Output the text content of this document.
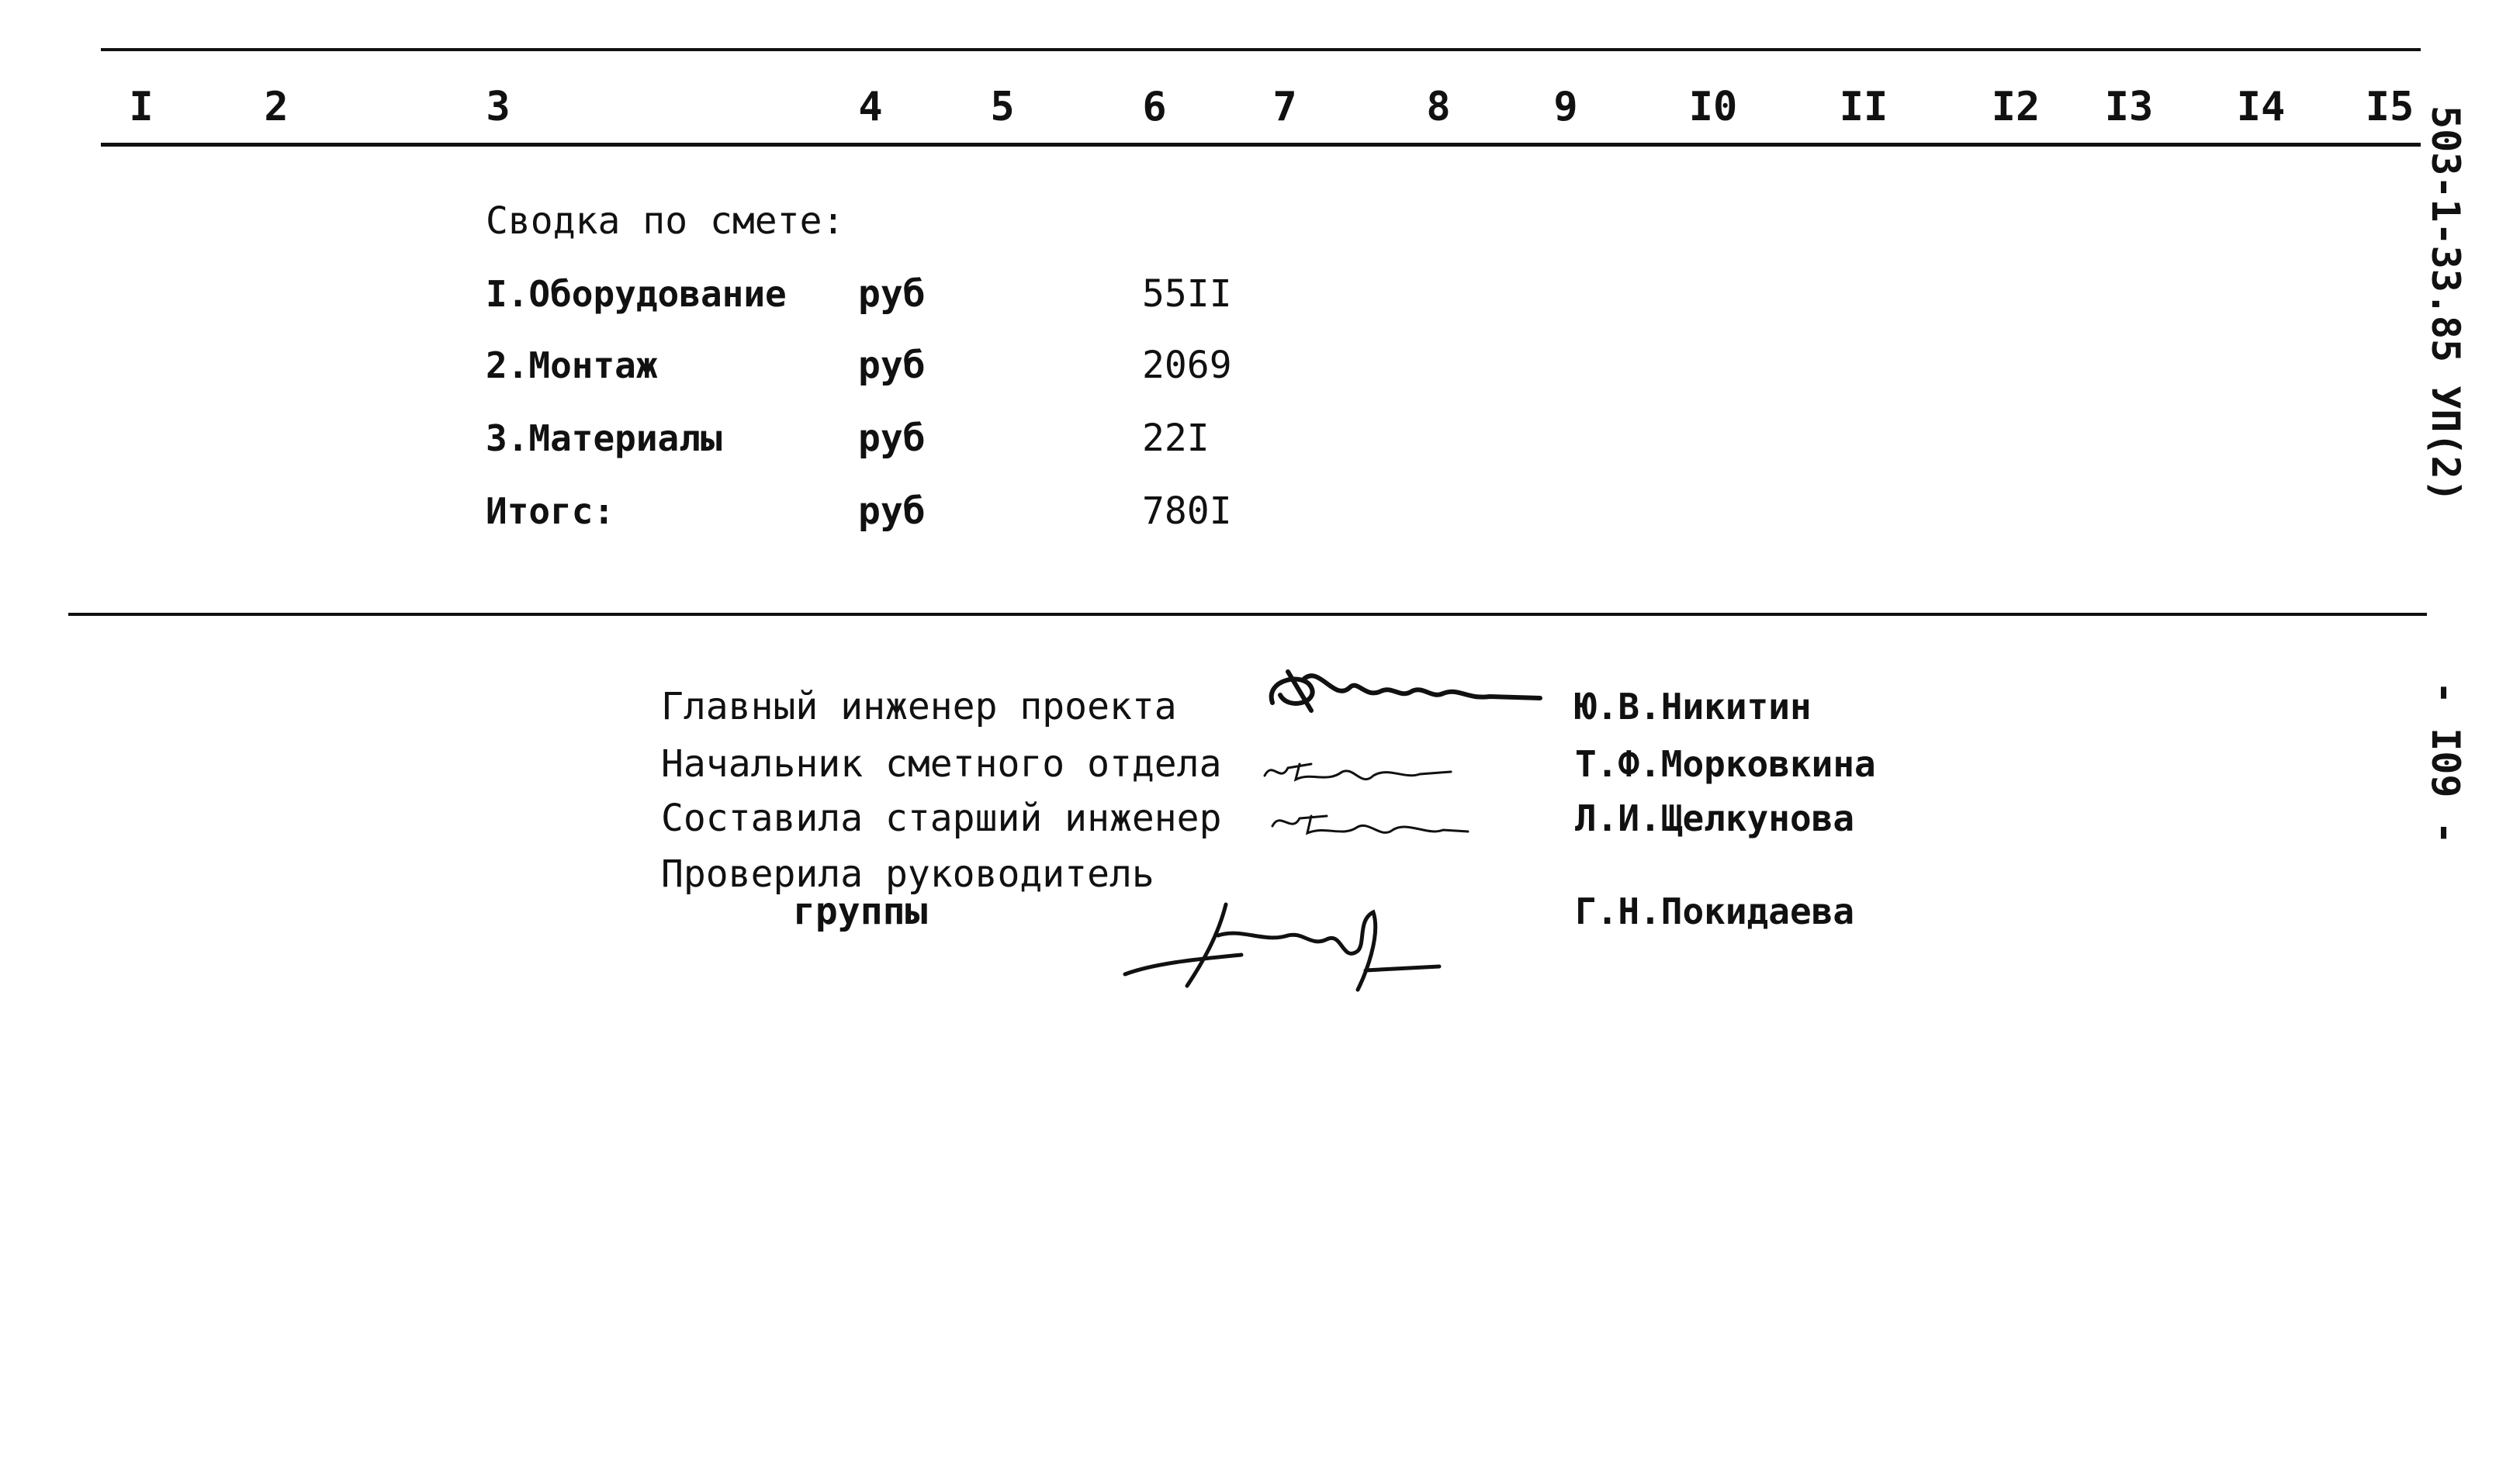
I	2	3	4	5	6	7	8	9	I0	II	I2	I3	I4	I5 503-1-33.85 УП(2)
- I09 -
Сводка по смете:
I.Оборудование руб	55II
2.Монтаж	руб	2069
3.Материалы	руб	22I
Итогс:	руб	780I
Главный инженер проекта	Ю.В.Никитин
Начальник сметного отдела	Т.Ф.Морковкина
Составила старший инженер	Л.И.Щелкунова
Проверила руководитель
группы	Г.Н.Покидаева
